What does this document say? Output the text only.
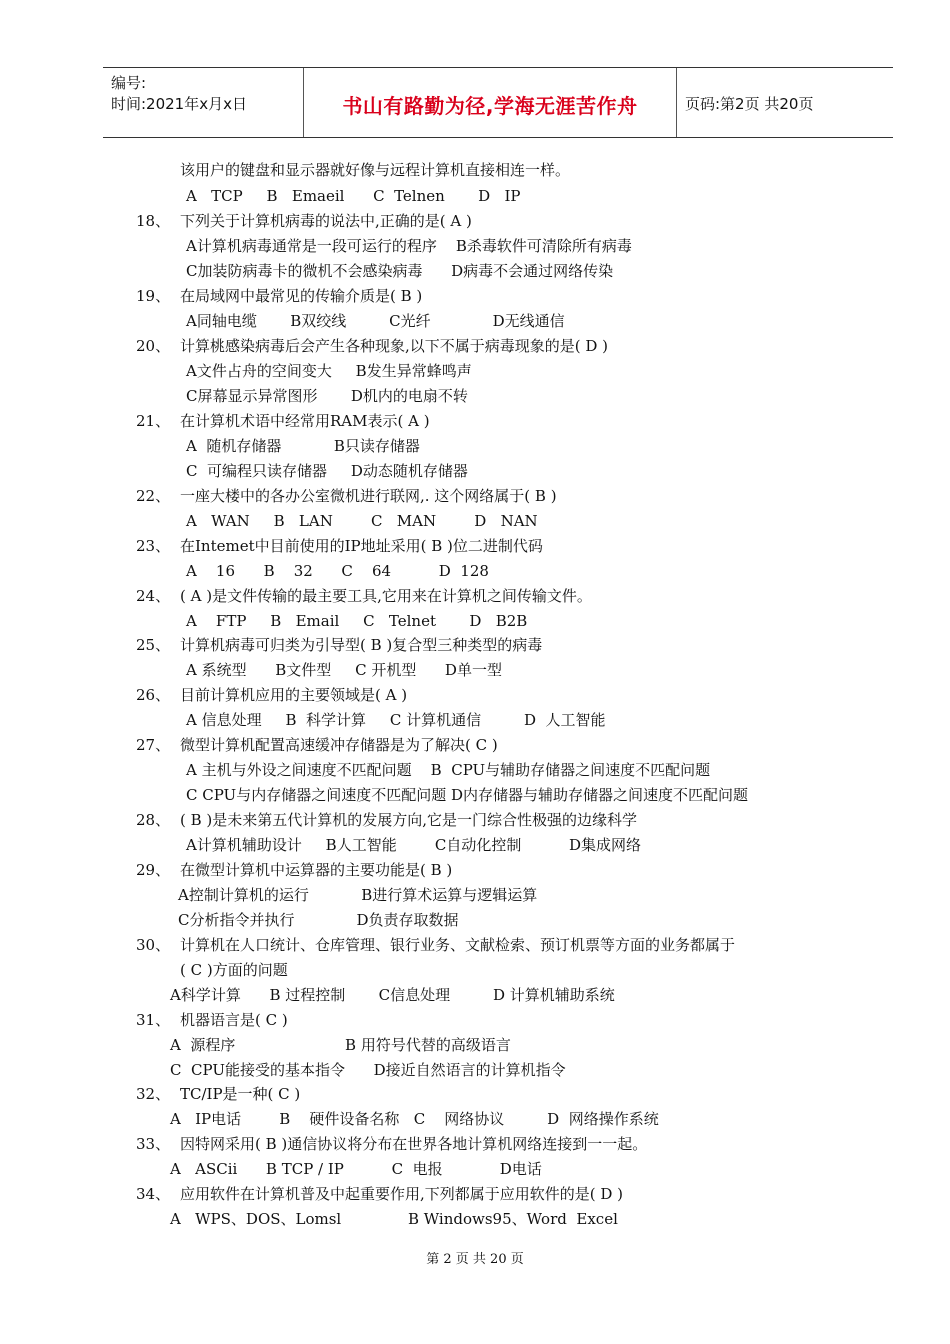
编号:
时间:2021年x月x日	书山有路勤为径,学海无涯苦作舟	页码:第2页 共20页
该用户的键盘和显示器就好像与远程计算机直接相连一样。
A   TCP     B   Emaeil      C  Telnen       D   IP
18、 下列关于计算机病毒的说法中,正确的是( A )
A计算机病毒通常是一段可运行的程序    B杀毒软件可清除所有病毒
C加装防病毒卡的微机不会感染病毒      D病毒不会通过网络传染
19、 在局域网中最常见的传输介质是( B )
A同轴电缆       B双绞线         C光纤             D无线通信
20、 计算桃感染病毒后会产生各种现象,以下不属于病毒现象的是( D )
A文件占舟的空间变大     B发生异常蜂鸣声
C屏幕显示异常图形       D机内的电扇不转
21、 在计算机术语中经常用RAM表示( A )
A  随机存储器           B只读存储器
C  可编程只读存储器     D动态随机存储器
22、 一座大楼中的各办公室微机进行联网,. 这个网络属于( B )
A   WAN     B   LAN        C   MAN        D   NAN
23、 在Intemet中目前使用的IP地址采用( B )位二进制代码
A    16      B    32      C    64          D  128
24、 ( A )是文件传输的最主要工具,它用来在计算机之间传输文件。
A    FTP     B   Email     C   Telnet       D   B2B
25、 计算机病毒可归类为引导型( B )复合型三种类型的病毒
A 系统型      B文件型     C 开机型      D单一型
26、 目前计算机应用的主要领域是( A )
A 信息处理     B  科学计算     C 计算机通信         D  人工智能
27、 微型计算机配置高速缓冲存储器是为了解决( C )
A 主机与外设之间速度不匹配问题    B  CPU与辅助存储器之间速度不匹配问题
C CPU与内存储器之间速度不匹配问题 D内存储器与辅助存储器之间速度不匹配问题
28、 ( B )是未来第五代计算机的发展方向,它是一门综合性极强的边缘科学
A计算机辅助设计     B人工智能        C自动化控制          D集成网络
29、 在微型计算机中运算器的主要功能是( B )
A控制计算机的运行           B进行算术运算与逻辑运算
C分析指令并执行             D负责存取数据
30、 计算机在人口统计、仓库管理、银行业务、文献检索、预订机票等方面的业务都属于
( C )方面的问题
A科学计算      B 过程控制       C信息处理         D 计算机辅助系统
31、 机器语言是( C )
A  源程序                       B 用符号代替的高级语言
C  CPU能接受的基本指令      D接近自然语言的计算机指令
32、 TC/IP是一种( C )
A   IP电话        B    硬件设备名称   C    网络协议         D  网络操作系统
33、 因特网采用( B )通信协议将分布在世界各地计算机网络连接到一一起。
A   ASCii      B TCP / IP          C  电报            D电话
34、 应用软件在计算机普及中起重要作用,下列都属于应用软件的是( D )
A   WPS、DOS、Lomsl              B Windows95、Word  Excel
第 2 页 共 20 页
